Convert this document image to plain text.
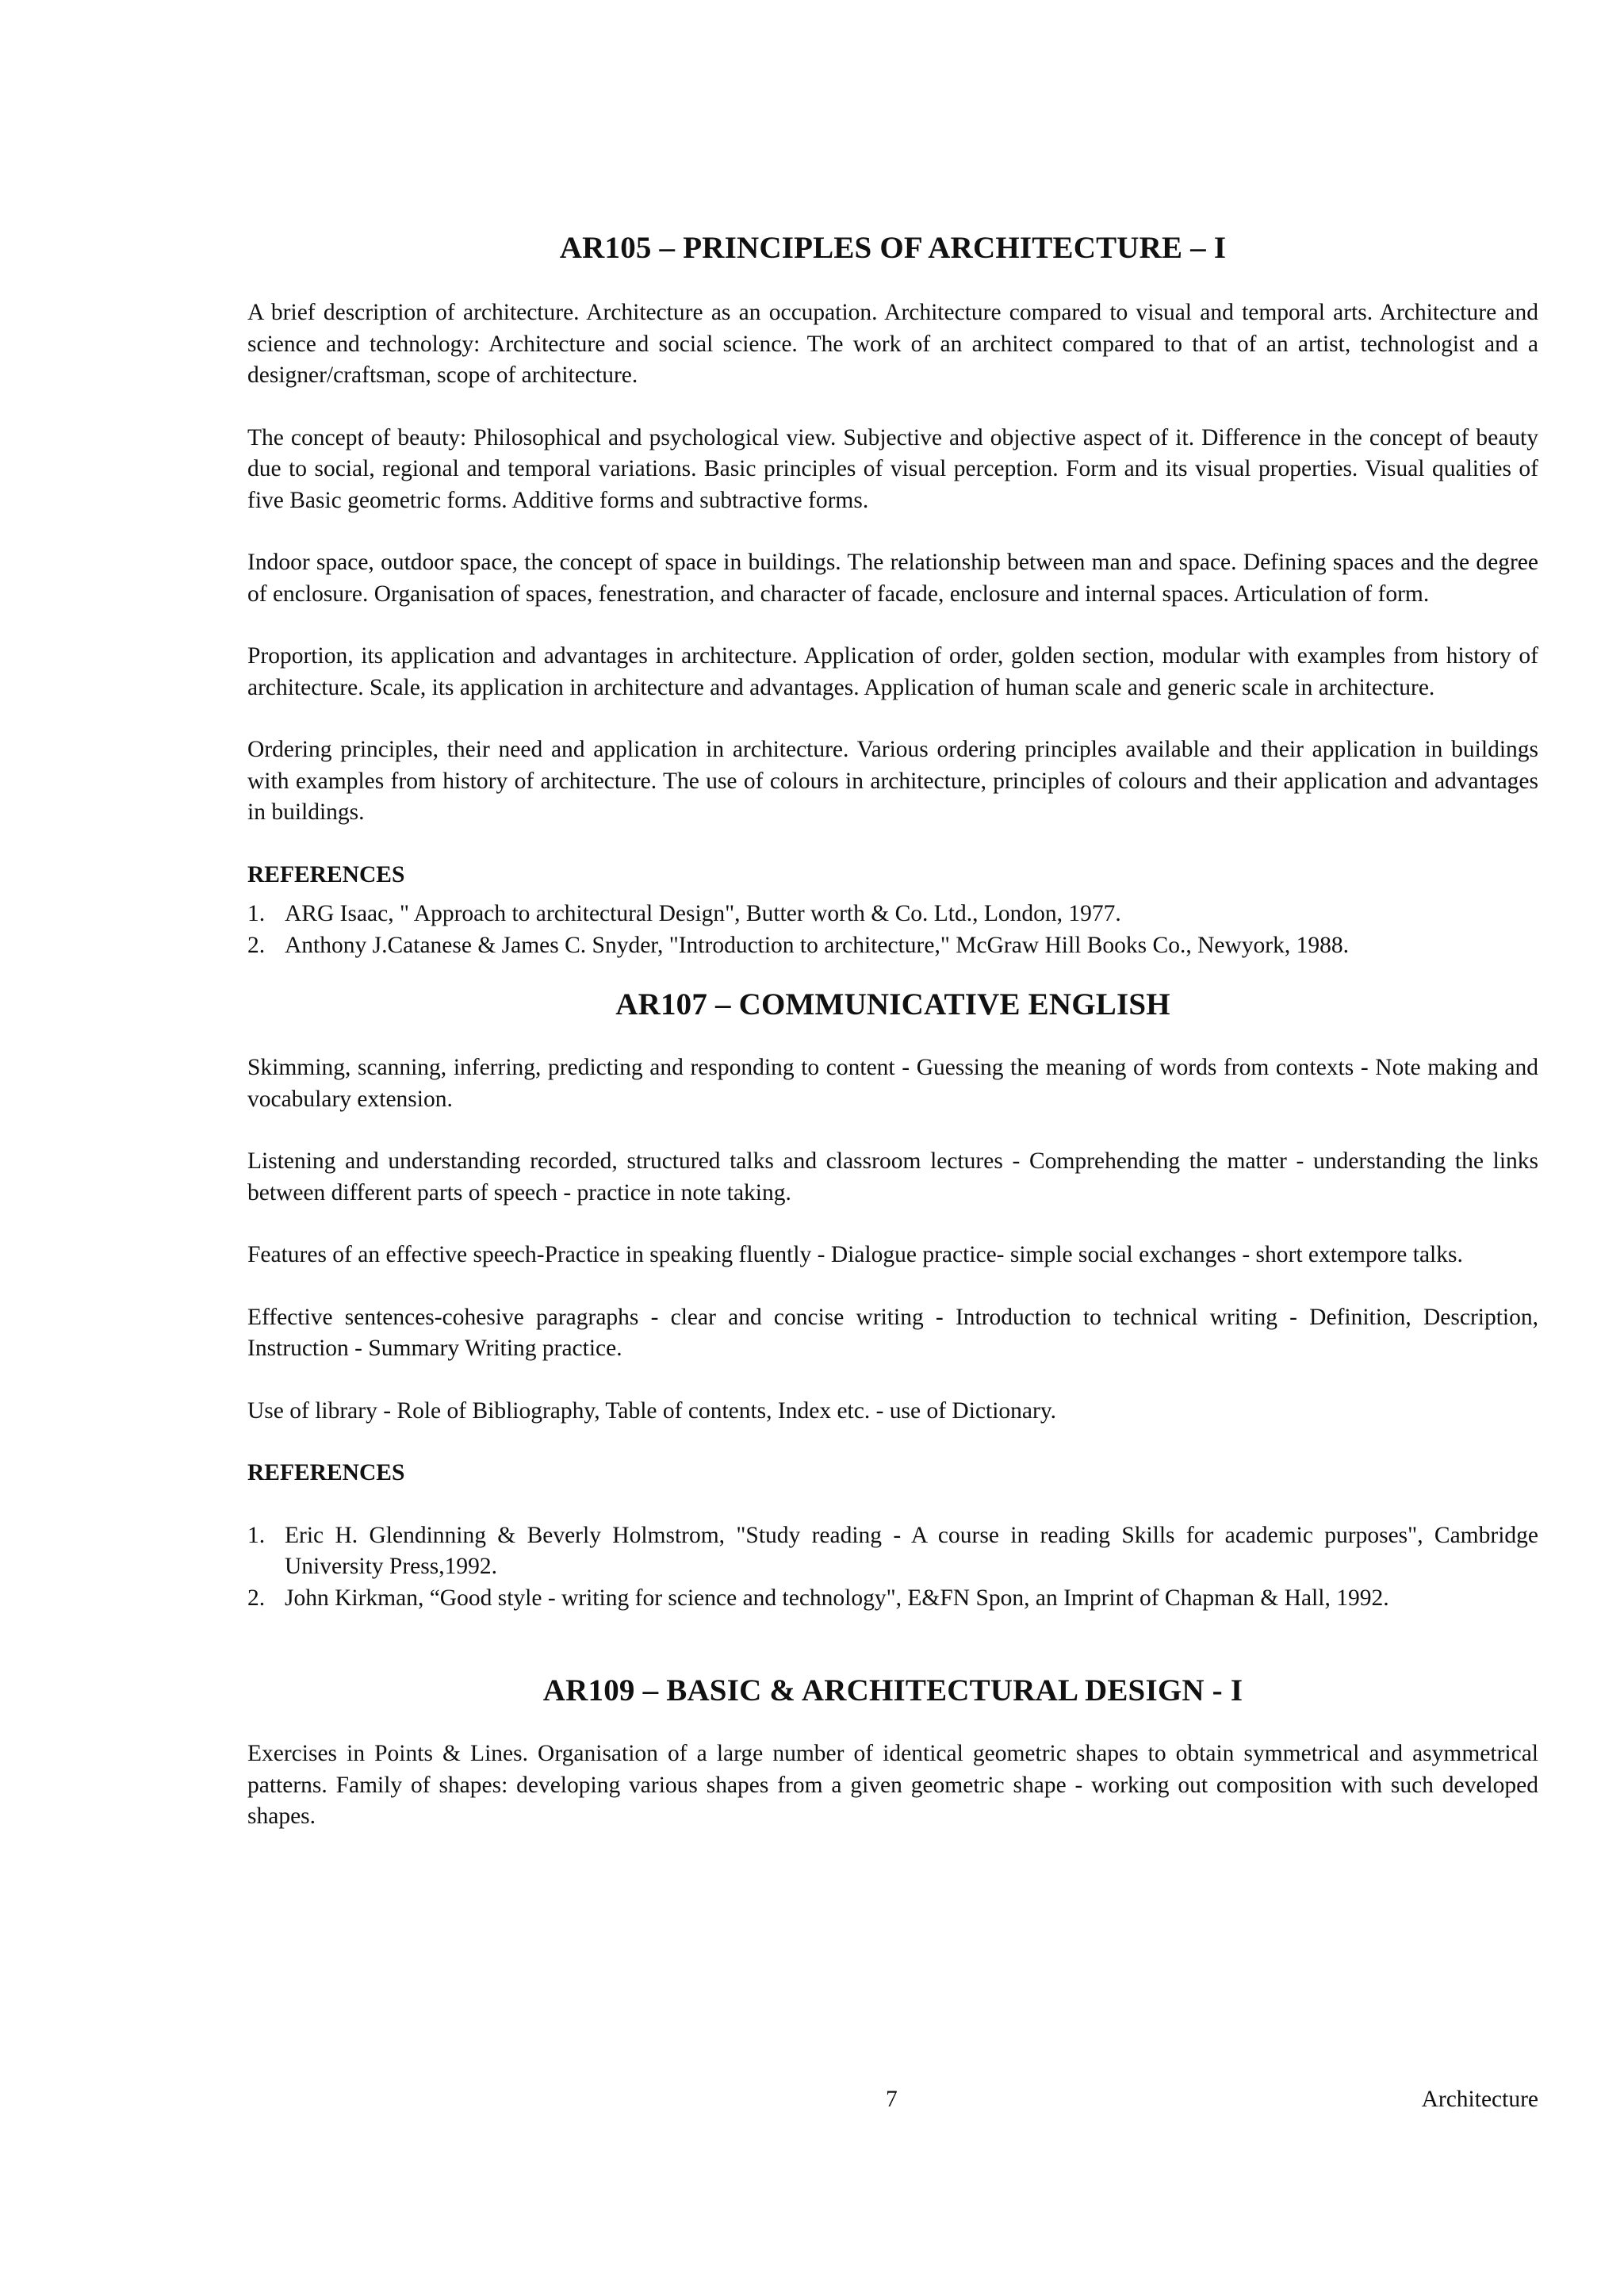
AR105 – PRINCIPLES OF ARCHITECTURE – I

A brief description of architecture. Architecture as an occupation. Architecture compared to visual and temporal arts. Architecture and science and technology: Architecture and social science. The work of an architect compared to that of an artist, technologist and a designer/craftsman, scope of architecture.

The concept of beauty: Philosophical and psychological view. Subjective and objective aspect of it. Difference in the concept of beauty due to social, regional and temporal variations. Basic principles of visual perception. Form and its visual properties. Visual qualities of five Basic geometric forms. Additive forms and subtractive forms.

Indoor space, outdoor space, the concept of space in buildings. The relationship between man and space. Defining spaces and the degree of enclosure. Organisation of spaces, fenestration, and character of facade, enclosure and internal spaces. Articulation of form.

Proportion, its application and advantages in architecture. Application of order, golden section, modular with examples from history of architecture. Scale, its application in architecture and advantages. Application of human scale and generic scale in architecture.

Ordering principles, their need and application in architecture. Various ordering principles available and their application in buildings with examples from history of architecture. The use of colours in architecture, principles of colours and their application and advantages in buildings.

REFERENCES
1. ARG Isaac, " Approach to architectural Design", Butter worth & Co. Ltd., London, 1977.
2. Anthony J.Catanese & James C. Snyder, "Introduction to architecture," McGraw Hill Books Co., Newyork, 1988.
AR107 – COMMUNICATIVE ENGLISH

Skimming, scanning, inferring, predicting and responding to content - Guessing the meaning of words from contexts - Note making and vocabulary extension.

Listening and understanding recorded, structured talks and classroom lectures - Comprehending the matter - understanding the links between different parts of speech - practice in note taking.

Features of an effective speech-Practice in speaking fluently - Dialogue practice- simple social exchanges - short extempore talks.

Effective sentences-cohesive paragraphs - clear and concise writing - Introduction to technical writing - Definition, Description, Instruction - Summary Writing practice.

Use of library - Role of Bibliography, Table of contents, Index etc. - use of Dictionary.

REFERENCES
1. Eric H. Glendinning & Beverly Holmstrom, "Study reading - A course in reading Skills for academic purposes", Cambridge University Press,1992.
2. John Kirkman, “Good style - writing for science and technology", E&FN Spon, an Imprint of Chapman & Hall, 1992.
AR109 – BASIC & ARCHITECTURAL DESIGN - I

Exercises in Points & Lines. Organisation of a large number of identical geometric shapes to obtain symmetrical and asymmetrical patterns. Family of shapes: developing various shapes from a given geometric shape - working out composition with such developed shapes.

7	Architecture
